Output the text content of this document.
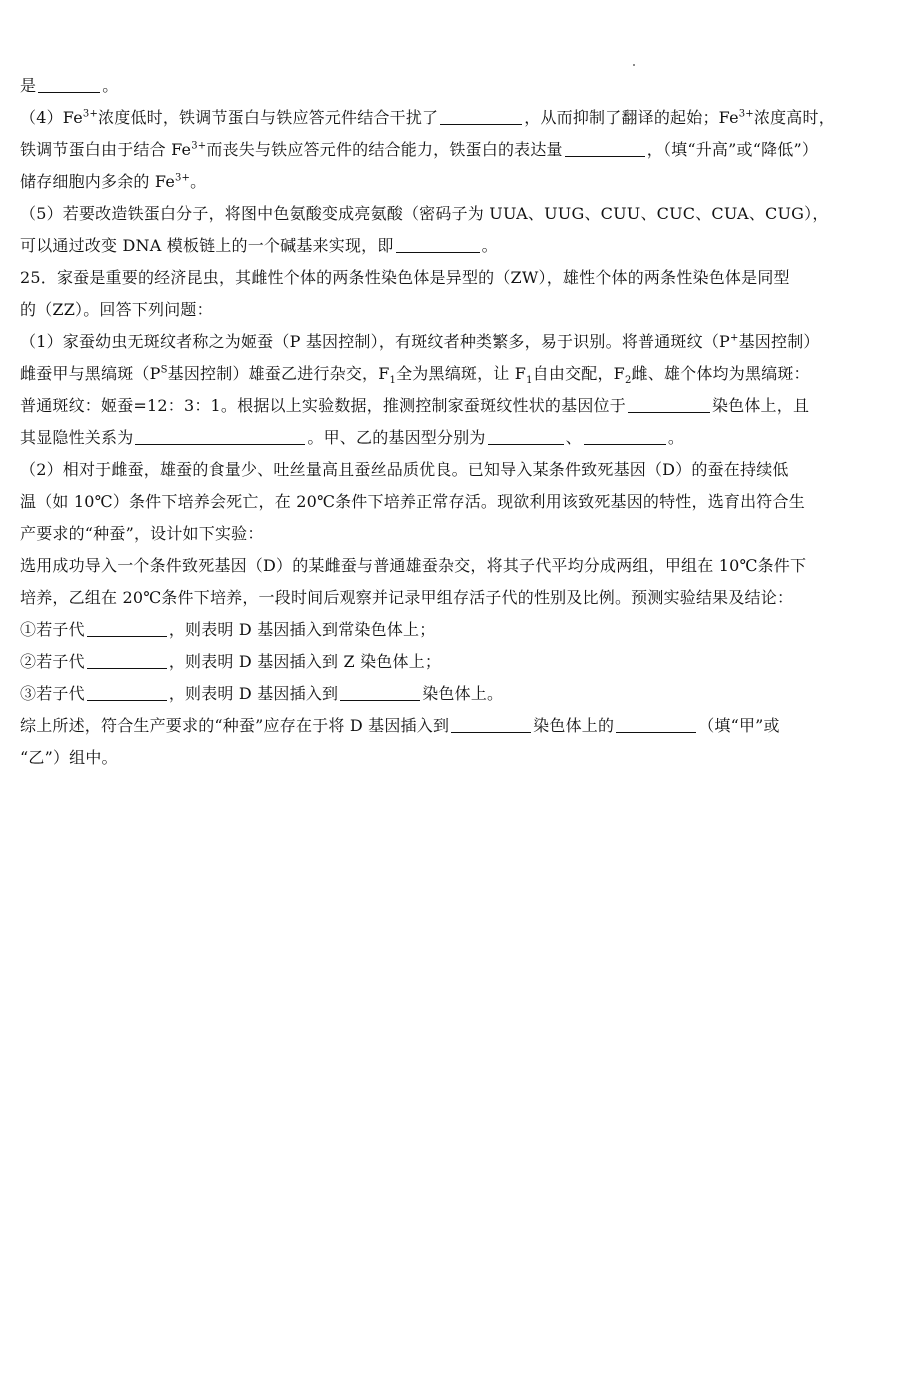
是	。
$(4)Fe^{3+}$浓度低时，铁调节蛋白与铁应答元件结合干扰了	，从而抑制了翻译的起始；$Fe^{3+}$浓度高时，
铁调节蛋白由于结合 $Fe^{3+}$而丧失与铁应答元件的结合能力，铁蛋白的表达量	，（填“升高”或“降低”）
储存细胞内多余的 $Fe^{3+}$。
（5）若要改造铁蛋白分子，将图中色氨酸变成亮氨酸（密码子为 UUA、UUG、CUU、CUC、CUA、CUG），
可以通过改变 DNA 模板链上的一个碱基来实现，即	。
25．家蚕是重要的经济昆虫，其雌性个体的两条性染色体是异型的（ZW），雄性个体的两条性染色体是同型
的（ZZ）。回答下列问题：
（1）家蚕幼虫无斑纹者称之为姬蚕（P 基因控制），有斑纹者种类繁多，易于识别。将普通斑纹（P+基因控制）
雌蚕甲与黑缟斑（$P^S$基因控制）雄蚕乙进行杂交，$F_1$全为黑缟斑，让 $F_1$自由交配，$F_2$雌、雄个体均为黑缟斑：
普通斑纹：姬蚕=12：3：1。根据以上实验数据，推测控制家蚕斑纹性状的基因位于	染色体上，且
其显隐性关系为	。甲、乙的基因型分别为	、	。
（2）相对于雌蚕，雄蚕的食量少、吐丝量高且蚕丝品质优良。已知导入某条件致死基因（D）的蚕在持续低
温（如 10℃）条件下培养会死亡，在 20℃条件下培养正常存活。现欲利用该致死基因的特性，选育出符合生
产要求的“种蚕”，设计如下实验：
选用成功导入一个条件致死基因（D）的某雌蚕与普通雄蚕杂交，将其子代平均分成两组，甲组在 10℃条件下
培养，乙组在 20℃条件下培养，一段时间后观察并记录甲组存活子代的性别及比例。预测实验结果及结论：
①若子代	，则表明 D 基因插入到常染色体上；
②若子代	，则表明 D 基因插入到 Z 染色体上；
③若子代	，则表明 D 基因插入到	染色体上。
综上所述，符合生产要求的“种蚕”应存在于将 D 基因插入到	染色体上的	（填“甲”或
“乙”）组中。
